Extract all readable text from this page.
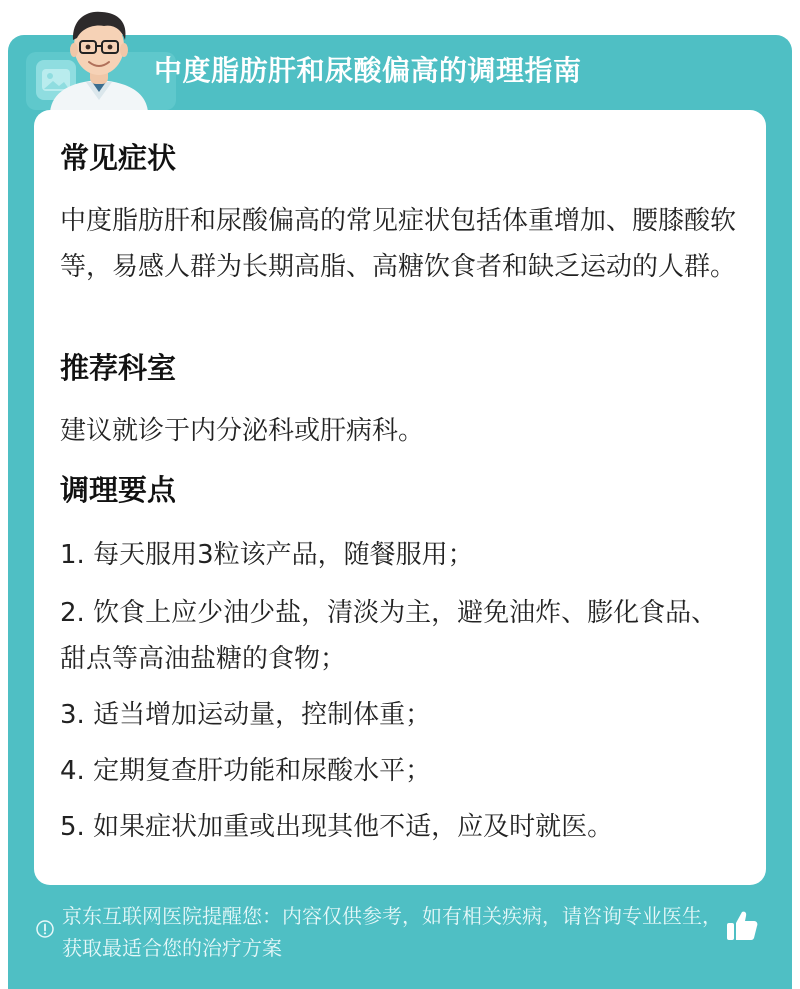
中度脂肪肝和尿酸偏高的调理指南
常见症状
中度脂肪肝和尿酸偏高的常见症状包括体重增加、腰膝酸软等，易感人群为长期高脂、高糖饮食者和缺乏运动的人群。
推荐科室
建议就诊于内分泌科或肝病科。
调理要点
1. 每天服用3粒该产品，随餐服用；
2. 饮食上应少油少盐，清淡为主，避免油炸、膨化食品、甜点等高油盐糖的食物；
3. 适当增加运动量，控制体重；
4. 定期复查肝功能和尿酸水平；
5. 如果症状加重或出现其他不适，应及时就医。
京东互联网医院提醒您：内容仅供参考，如有相关疾病，请咨询专业医生，获取最适合您的治疗方案
